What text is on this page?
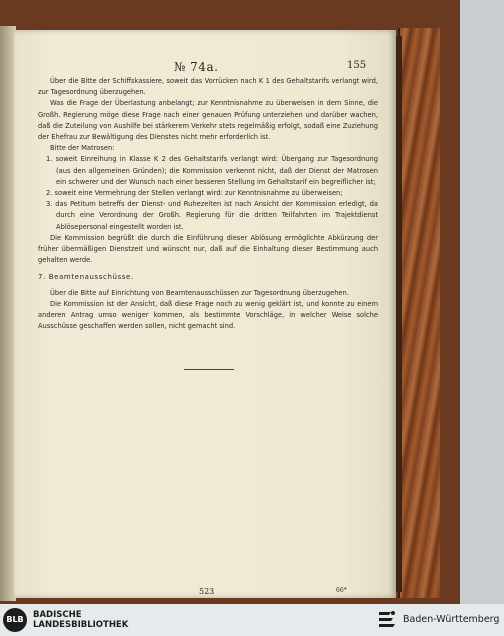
№ 74a.	155

Über die Bitte der Schiffskassiere, soweit das Vorrücken nach K 1 des Gehaltstarifs verlangt wird, zur Tagesordnung überzugehen.

Was die Frage der Überlastung anbelangt; zur Kenntnisnahme zu überweisen in dem Sinne, die Großh. Regierung möge diese Frage nach einer genauen Prüfung unterziehen und darüber wachen, daß die Zuteilung von Aushilfe bei stärkerem Verkehr stets regelmäßig erfolgt, sodaß eine Zuziehung der Ehefrau zur Bewältigung des Dienstes nicht mehr erforderlich ist.

Bitte der Matrosen:

1. soweit Einreihung in Klasse K 2 des Gehaltstarifs verlangt wird: Übergang zur Tagesordnung (aus den allgemeinen Gründen); die Kommission verkennt nicht, daß der Dienst der Matrosen ein schwerer und der Wunsch nach einer besseren Stellung im Gehaltstarif ein begreiflicher ist;

2. soweit eine Vermehrung der Stellen verlangt wird: zur Kenntnisnahme zu überweisen;

3. das Petitum betreffs der Dienst- und Ruhezeiten ist nach Ansicht der Kommission erledigt, da durch eine Verordnung der Großh. Regierung für die dritten Teilfahrten im Trajektdienst Ablösepersonal eingestellt worden ist.

Die Kommission begrüßt die durch die Einführung dieser Ablösung ermöglichte Abkürzung der früher übermäßigen Dienstzeit und wünscht nur, daß auf die Einhaltung dieser Bestimmung auch gehalten werde.

7. Beamtenausschüsse.

Über die Bitte auf Einrichtung von Beamtenausschüssen zur Tagesordnung überzugehen.

Die Kommission ist der Ansicht, daß diese Frage noch zu wenig geklärt ist, und konnte zu einem anderen Antrag umso weniger kommen, als bestimmte Vorschläge, in welcher Weise solche Ausschüsse geschaffen werden sollen, nicht gemacht sind.

523	66*
BLB	BADISCHE
LANDESBIBLIOTHEK	Baden-Württemberg
